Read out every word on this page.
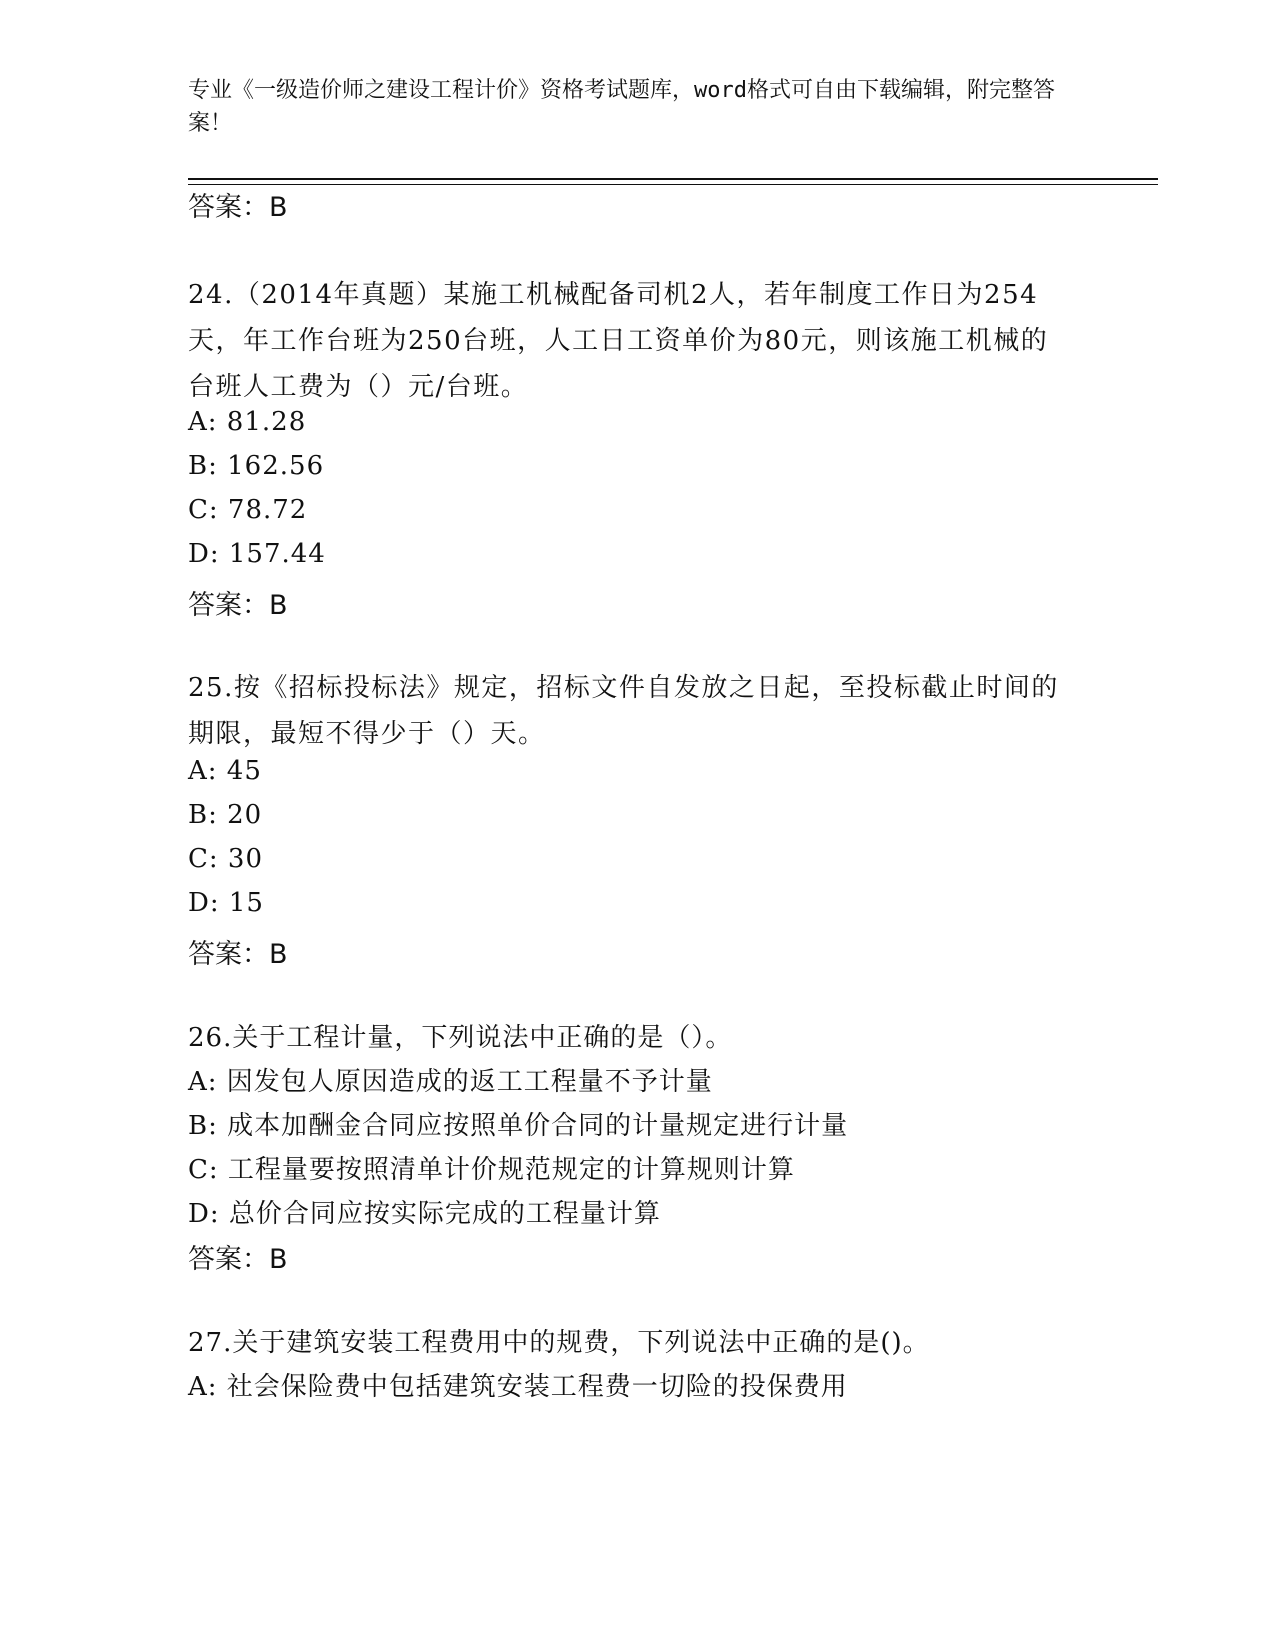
专业《一级造价师之建设工程计价》资格考试题库，word格式可自由下载编辑，附完整答案！
答案：B
24.（2014年真题）某施工机械配备司机2人，若年制度工作日为254天，年工作台班为250台班，人工日工资单价为80元，则该施工机械的台班人工费为（）元/台班。
A: 81.28
B: 162.56
C: 78.72
D: 157.44
答案：B
25.按《招标投标法》规定，招标文件自发放之日起，至投标截止时间的期限，最短不得少于（）天。
A: 45
B: 20
C: 30
D: 15
答案：B
26.关于工程计量，下列说法中正确的是（）。
A: 因发包人原因造成的返工工程量不予计量
B: 成本加酬金合同应按照单价合同的计量规定进行计量
C: 工程量要按照清单计价规范规定的计算规则计算
D: 总价合同应按实际完成的工程量计算
答案：B
27.关于建筑安装工程费用中的规费，下列说法中正确的是()。
A: 社会保险费中包括建筑安装工程费一切险的投保费用
